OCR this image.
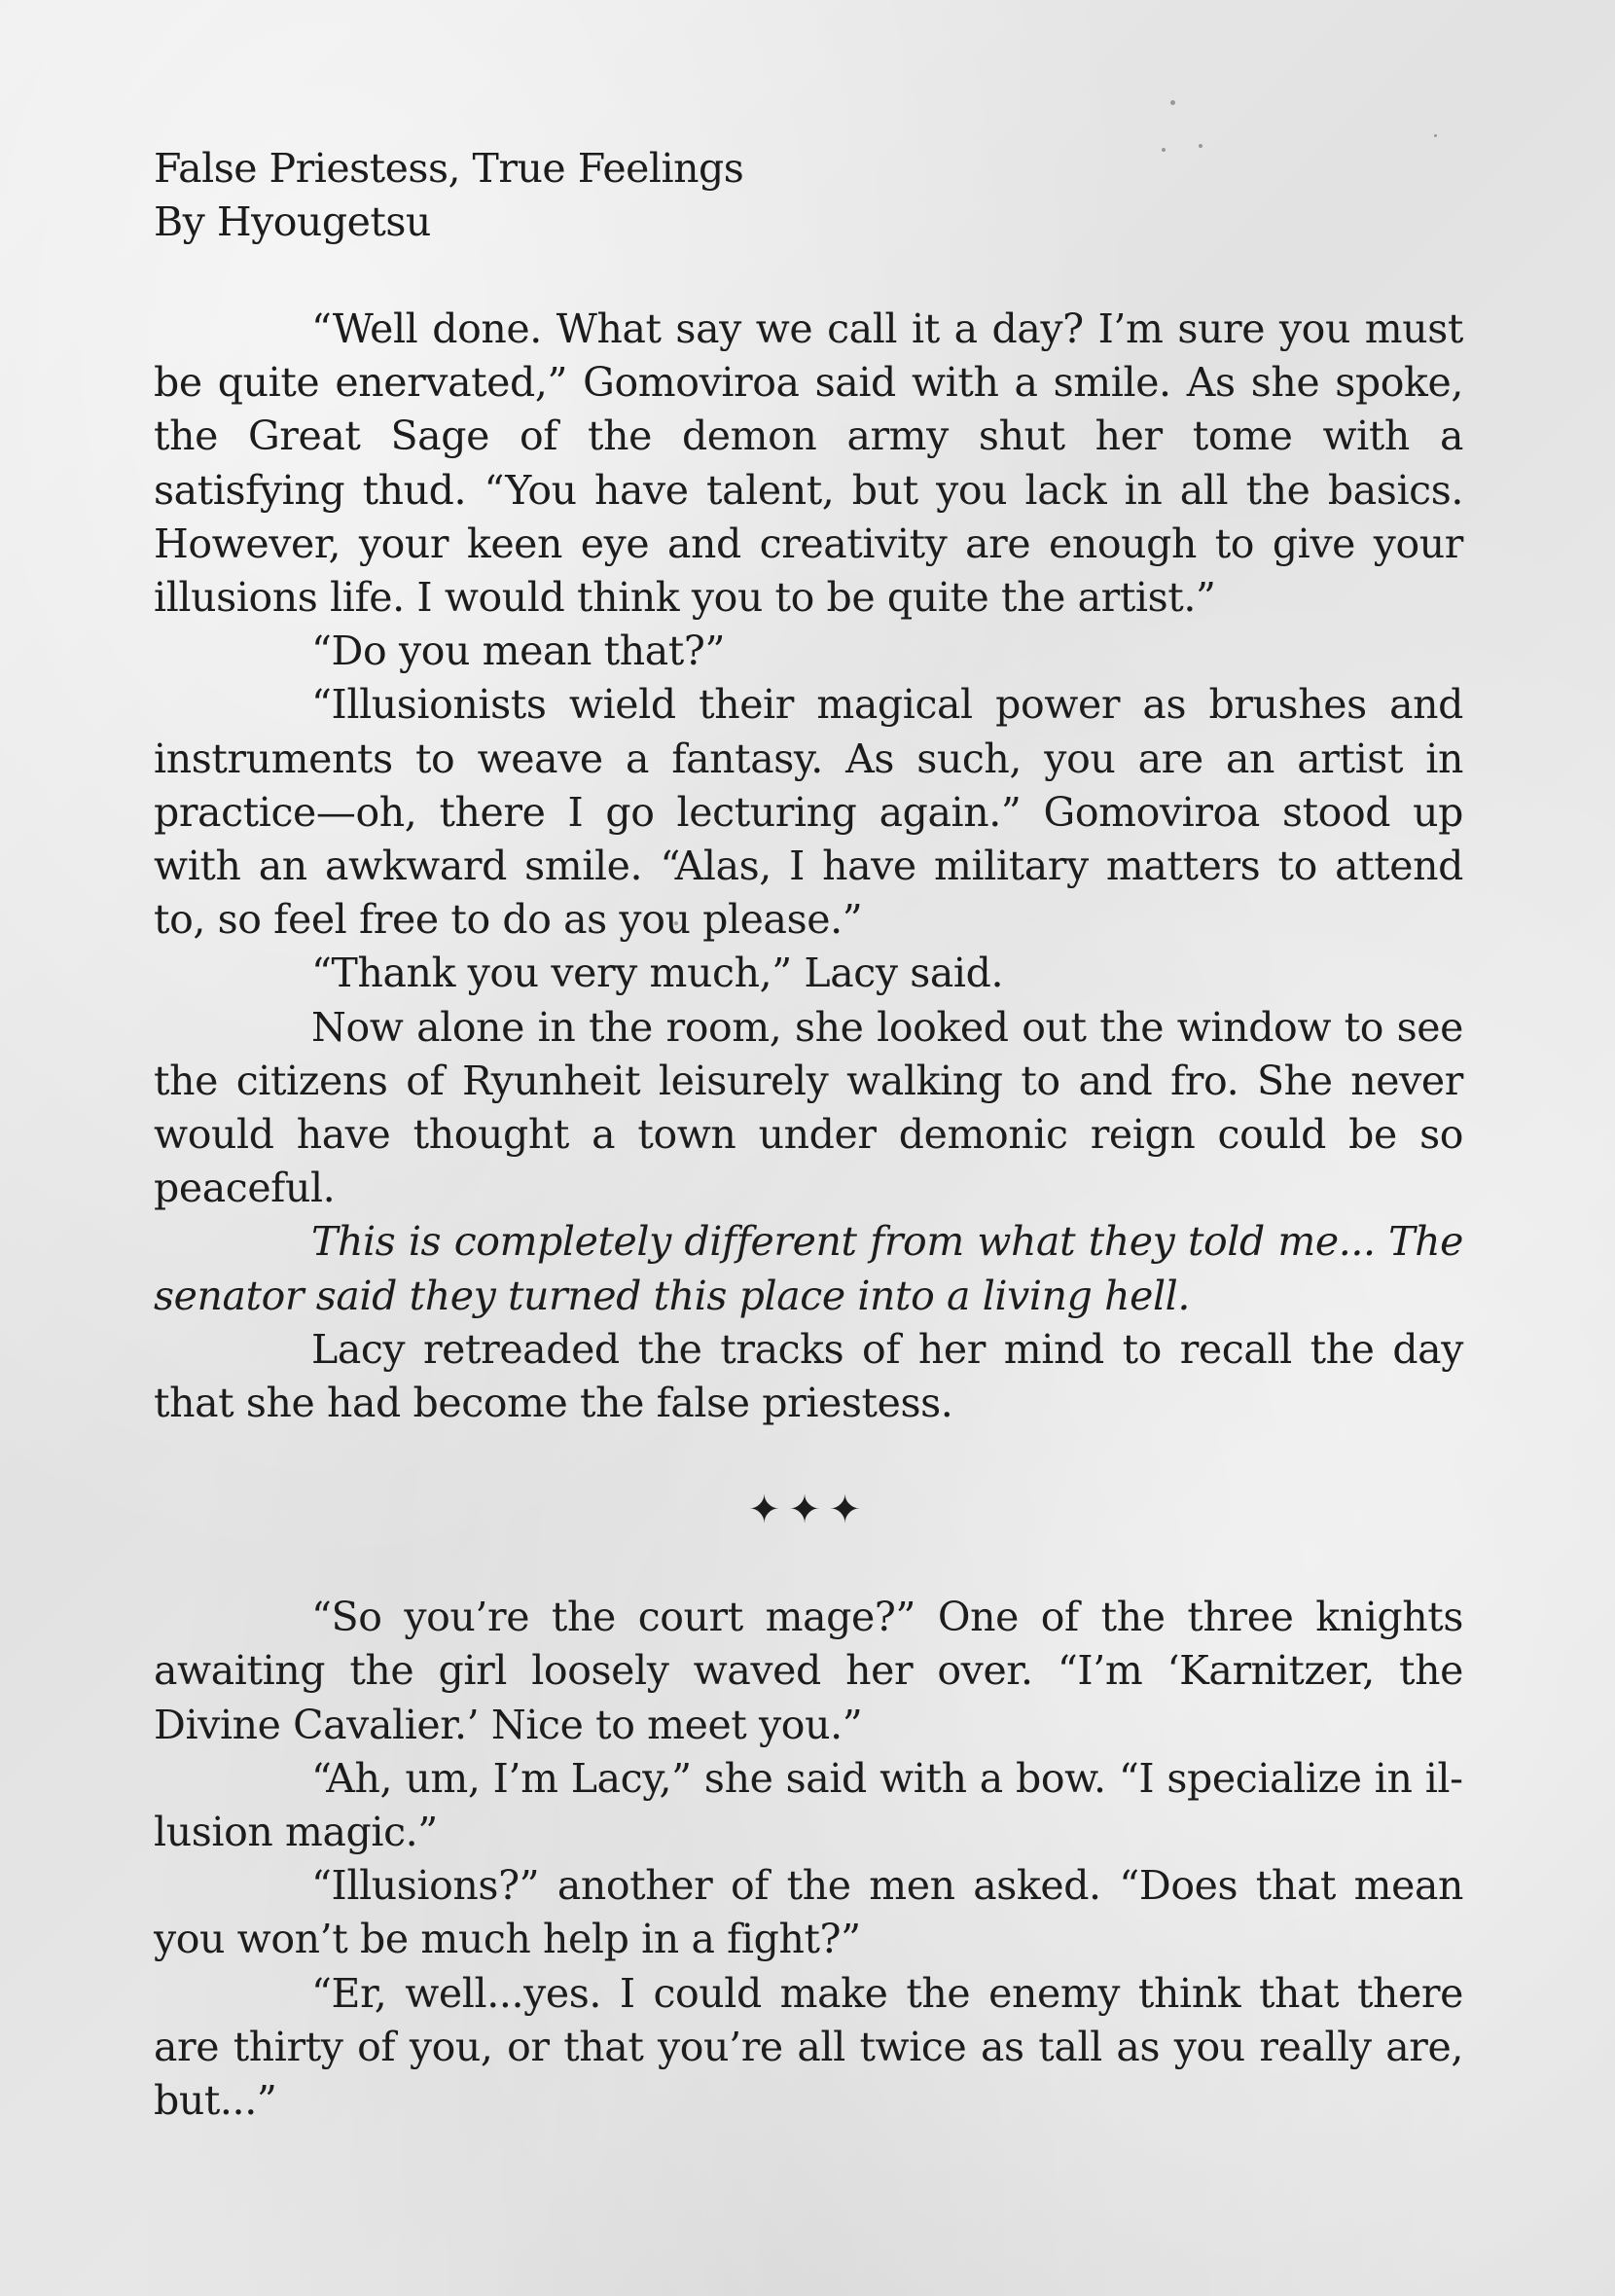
False Priestess, True Feelings
By Hyougetsu

“Well done. What say we call it a day? I’m sure you must be quite enervated,” Gomoviroa said with a smile. As she spoke, the Great Sage of the demon army shut her tome with a satisfying thud. “You have talent, but you lack in all the basics. However, your keen eye and creativity are enough to give your illusions life. I would think you to be quite the artist.”

“Do you mean that?”

“Illusionists wield their magical power as brushes and instruments to weave a fantasy. As such, you are an artist in practice—oh, there I go lecturing again.” Gomoviroa stood up with an awkward smile. “Alas, I have military matters to attend to, so feel free to do as you please.”

“Thank you very much,” Lacy said.

Now alone in the room, she looked out the window to see the citizens of Ryunheit leisurely walking to and fro. She never would have thought a town under demonic reign could be so peaceful.

This is completely different from what they told me... The senator said they turned this place into a living hell.

Lacy retreaded the tracks of her mind to recall the day that she had become the false priestess.

✦✦✦

“So you’re the court mage?” One of the three knights awaiting the girl loosely waved her over. “I’m ‘Karnitzer, the Divine Cavalier.’ Nice to meet you.”

“Ah, um, I’m Lacy,” she said with a bow. “I specialize in illusion magic.”

“Illusions?” another of the men asked. “Does that mean you won’t be much help in a fight?”

“Er, well...yes. I could make the enemy think that there are thirty of you, or that you’re all twice as tall as you really are, but...”
